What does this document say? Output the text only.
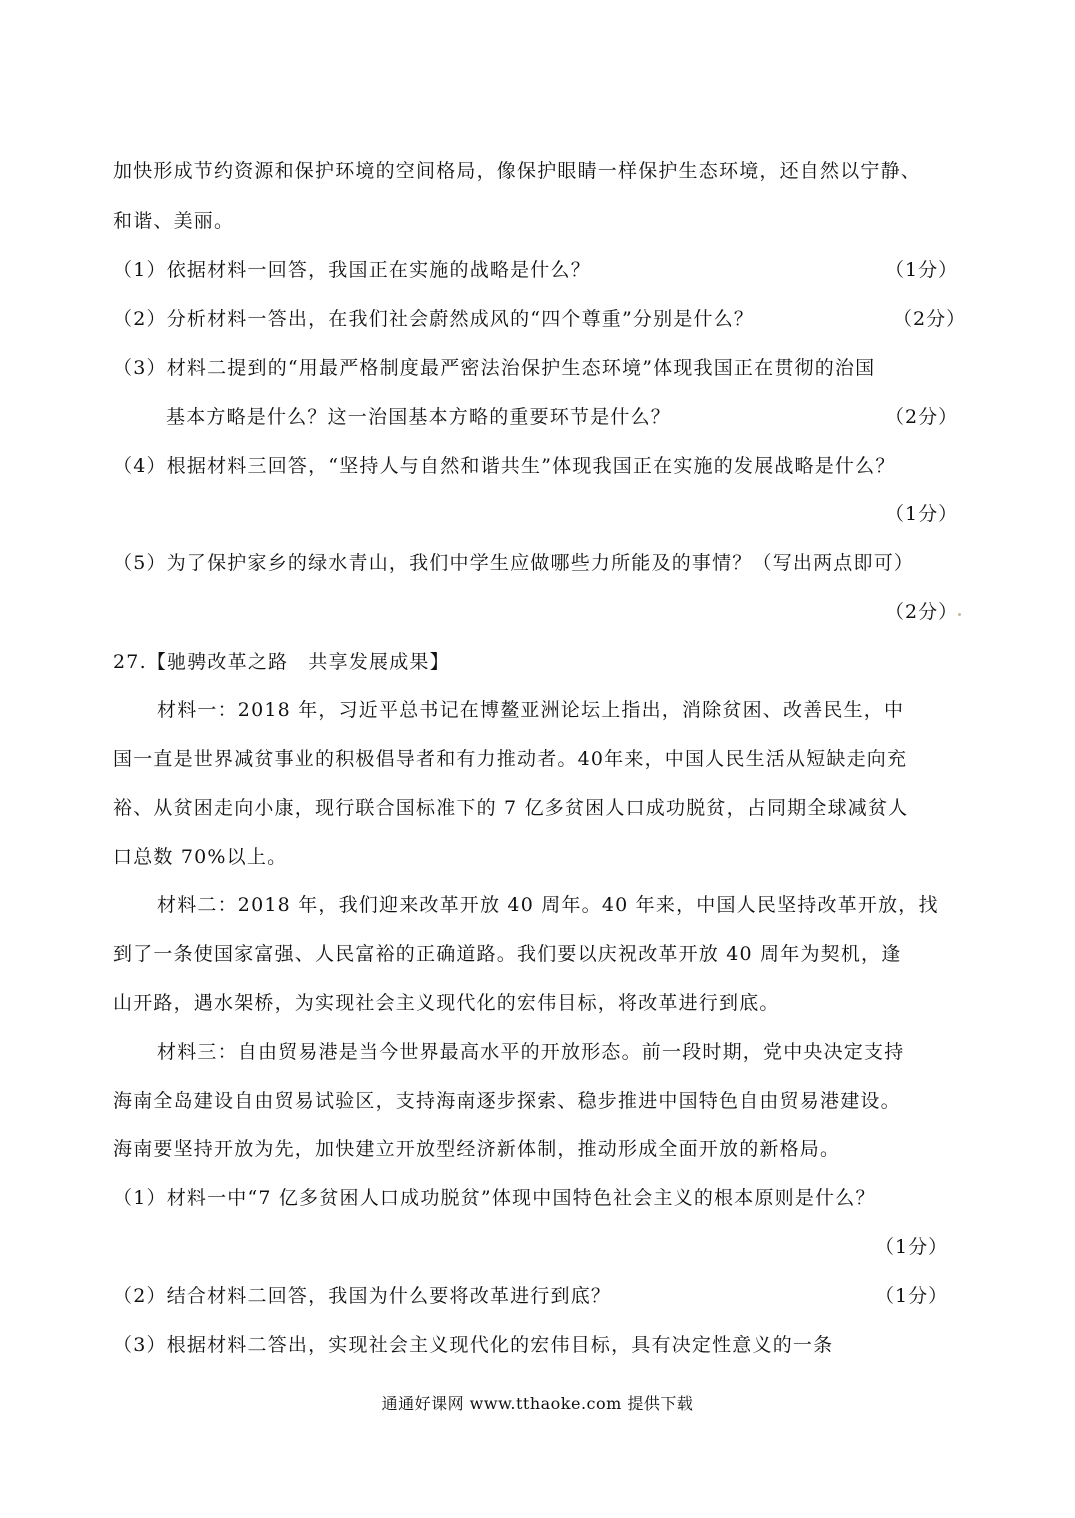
加快形成节约资源和保护环境的空间格局，像保护眼睛一样保护生态环境，还自然以宁静、
和谐、美丽。
（1）依据材料一回答，我国正在实施的战略是什么？	（1分）
（2）分析材料一答出，在我们社会蔚然成风的“四个尊重”分别是什么？	（2分）
（3）材料二提到的“用最严格制度最严密法治保护生态环境”体现我国正在贯彻的治国
基本方略是什么？这一治国基本方略的重要环节是什么？	（2分）
（4）根据材料三回答，“坚持人与自然和谐共生”体现我国正在实施的发展战略是什么？
（1分）
（5）为了保护家乡的绿水青山，我们中学生应做哪些力所能及的事情？（写出两点即可）
（2分）
27.【驰骋改革之路　共享发展成果】
材料一：2018 年，习近平总书记在博鳌亚洲论坛上指出，消除贫困、改善民生，中
国一直是世界减贫事业的积极倡导者和有力推动者。40年来，中国人民生活从短缺走向充
裕、从贫困走向小康，现行联合国标准下的 7 亿多贫困人口成功脱贫，占同期全球减贫人
口总数 70%以上。
材料二：2018 年，我们迎来改革开放 40 周年。40 年来，中国人民坚持改革开放，找
到了一条使国家富强、人民富裕的正确道路。我们要以庆祝改革开放 40 周年为契机，逢
山开路，遇水架桥，为实现社会主义现代化的宏伟目标，将改革进行到底。
材料三：自由贸易港是当今世界最高水平的开放形态。前一段时期，党中央决定支持
海南全岛建设自由贸易试验区，支持海南逐步探索、稳步推进中国特色自由贸易港建设。
海南要坚持开放为先，加快建立开放型经济新体制，推动形成全面开放的新格局。
（1）材料一中“7 亿多贫困人口成功脱贫”体现中国特色社会主义的根本原则是什么？
（1分）
（2）结合材料二回答，我国为什么要将改革进行到底？	（1分）
（3）根据材料二答出，实现社会主义现代化的宏伟目标，具有决定性意义的一条
通通好课网 www.tthaoke.com 提供下载
